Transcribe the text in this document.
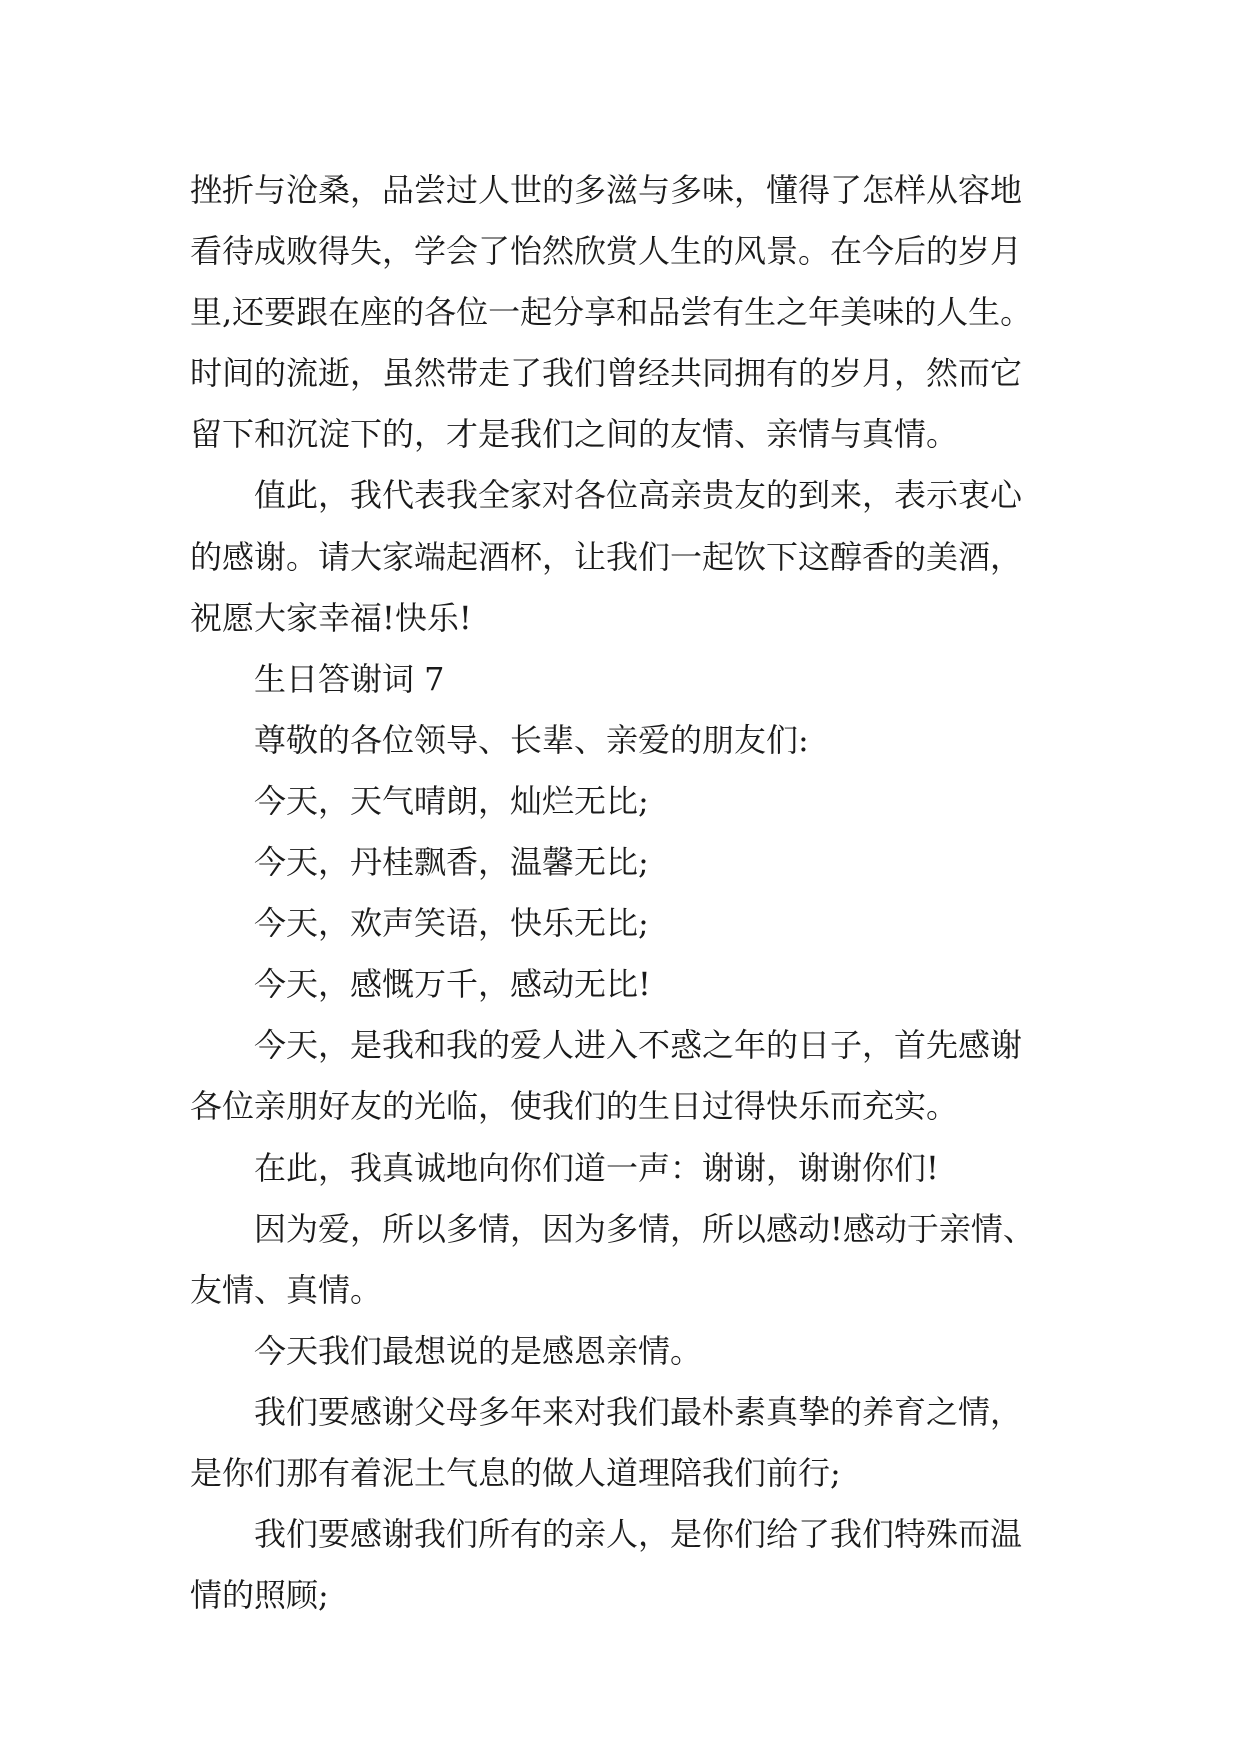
挫折与沧桑，品尝过人世的多滋与多味，懂得了怎样从容地
看待成败得失，学会了怡然欣赏人生的风景。在今后的岁月
里,还要跟在座的各位一起分享和品尝有生之年美味的人生。
时间的流逝，虽然带走了我们曾经共同拥有的岁月，然而它
留下和沉淀下的，才是我们之间的友情、亲情与真情。
值此，我代表我全家对各位高亲贵友的到来，表示衷心
的感谢。请大家端起酒杯，让我们一起饮下这醇香的美酒，
祝愿大家幸福!快乐!
生日答谢词 7
尊敬的各位领导、长辈、亲爱的朋友们:
今天，天气晴朗，灿烂无比;
今天，丹桂飘香，温馨无比;
今天，欢声笑语，快乐无比;
今天，感慨万千，感动无比!
今天，是我和我的爱人进入不惑之年的日子，首先感谢
各位亲朋好友的光临，使我们的生日过得快乐而充实。
在此，我真诚地向你们道一声：谢谢，谢谢你们!
因为爱，所以多情，因为多情，所以感动!感动于亲情、
友情、真情。
今天我们最想说的是感恩亲情。
我们要感谢父母多年来对我们最朴素真挚的养育之情，
是你们那有着泥土气息的做人道理陪我们前行;
我们要感谢我们所有的亲人，是你们给了我们特殊而温
情的照顾;
